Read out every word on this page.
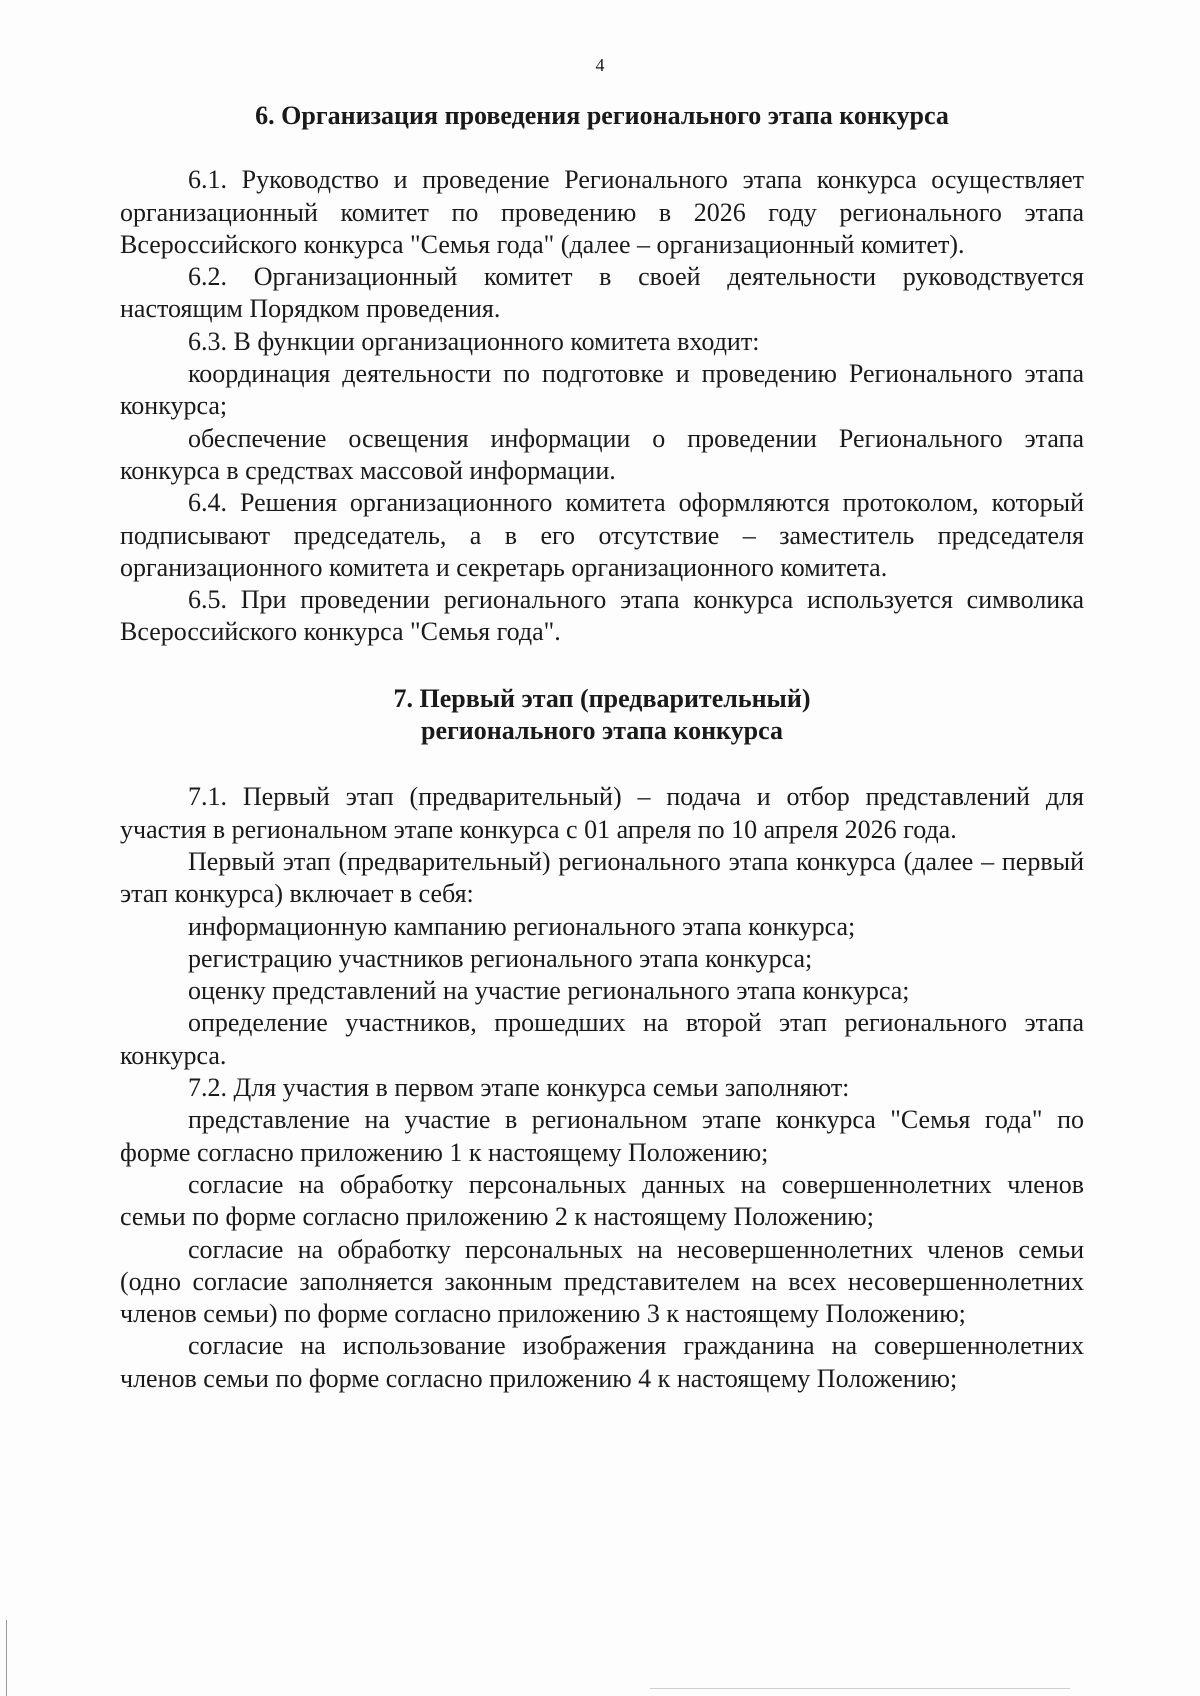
4

6. Организация проведения регионального этапа конкурса

6.1. Руководство и проведение Регионального этапа конкурса осуществляет организационный комитет по проведению в 2026 году регионального этапа Всероссийского конкурса "Семья года" (далее – организационный комитет).

6.2. Организационный комитет в своей деятельности руководствуется настоящим Порядком проведения.

6.3. В функции организационного комитета входит:

координация деятельности по подготовке и проведению Регионального этапа конкурса;

обеспечение освещения информации о проведении Регионального этапа конкурса в средствах массовой информации.

6.4. Решения организационного комитета оформляются протоколом, который подписывают председатель, а в его отсутствие – заместитель председателя организационного комитета и секретарь организационного комитета.

6.5. При проведении регионального этапа конкурса используется символика Всероссийского конкурса "Семья года".

7. Первый этап (предварительный)
регионального этапа конкурса

7.1. Первый этап (предварительный) – подача и отбор представлений для участия в региональном этапе конкурса с 01 апреля по 10 апреля 2026 года.

Первый этап (предварительный) регионального этапа конкурса (далее – первый этап конкурса) включает в себя:

информационную кампанию регионального этапа конкурса;

регистрацию участников регионального этапа конкурса;

оценку представлений на участие регионального этапа конкурса;

определение участников, прошедших на второй этап регионального этапа конкурса.

7.2. Для участия в первом этапе конкурса семьи заполняют:

представление на участие в региональном этапе конкурса "Семья года" по форме согласно приложению 1 к настоящему Положению;

согласие на обработку персональных данных на совершеннолетних членов семьи по форме согласно приложению 2 к настоящему Положению;

согласие на обработку персональных на несовершеннолетних членов семьи (одно согласие заполняется законным представителем на всех несовершеннолетних членов семьи) по форме согласно приложению 3 к настоящему Положению;

согласие на использование изображения гражданина на совершеннолетних членов семьи по форме согласно приложению 4 к настоящему Положению;
